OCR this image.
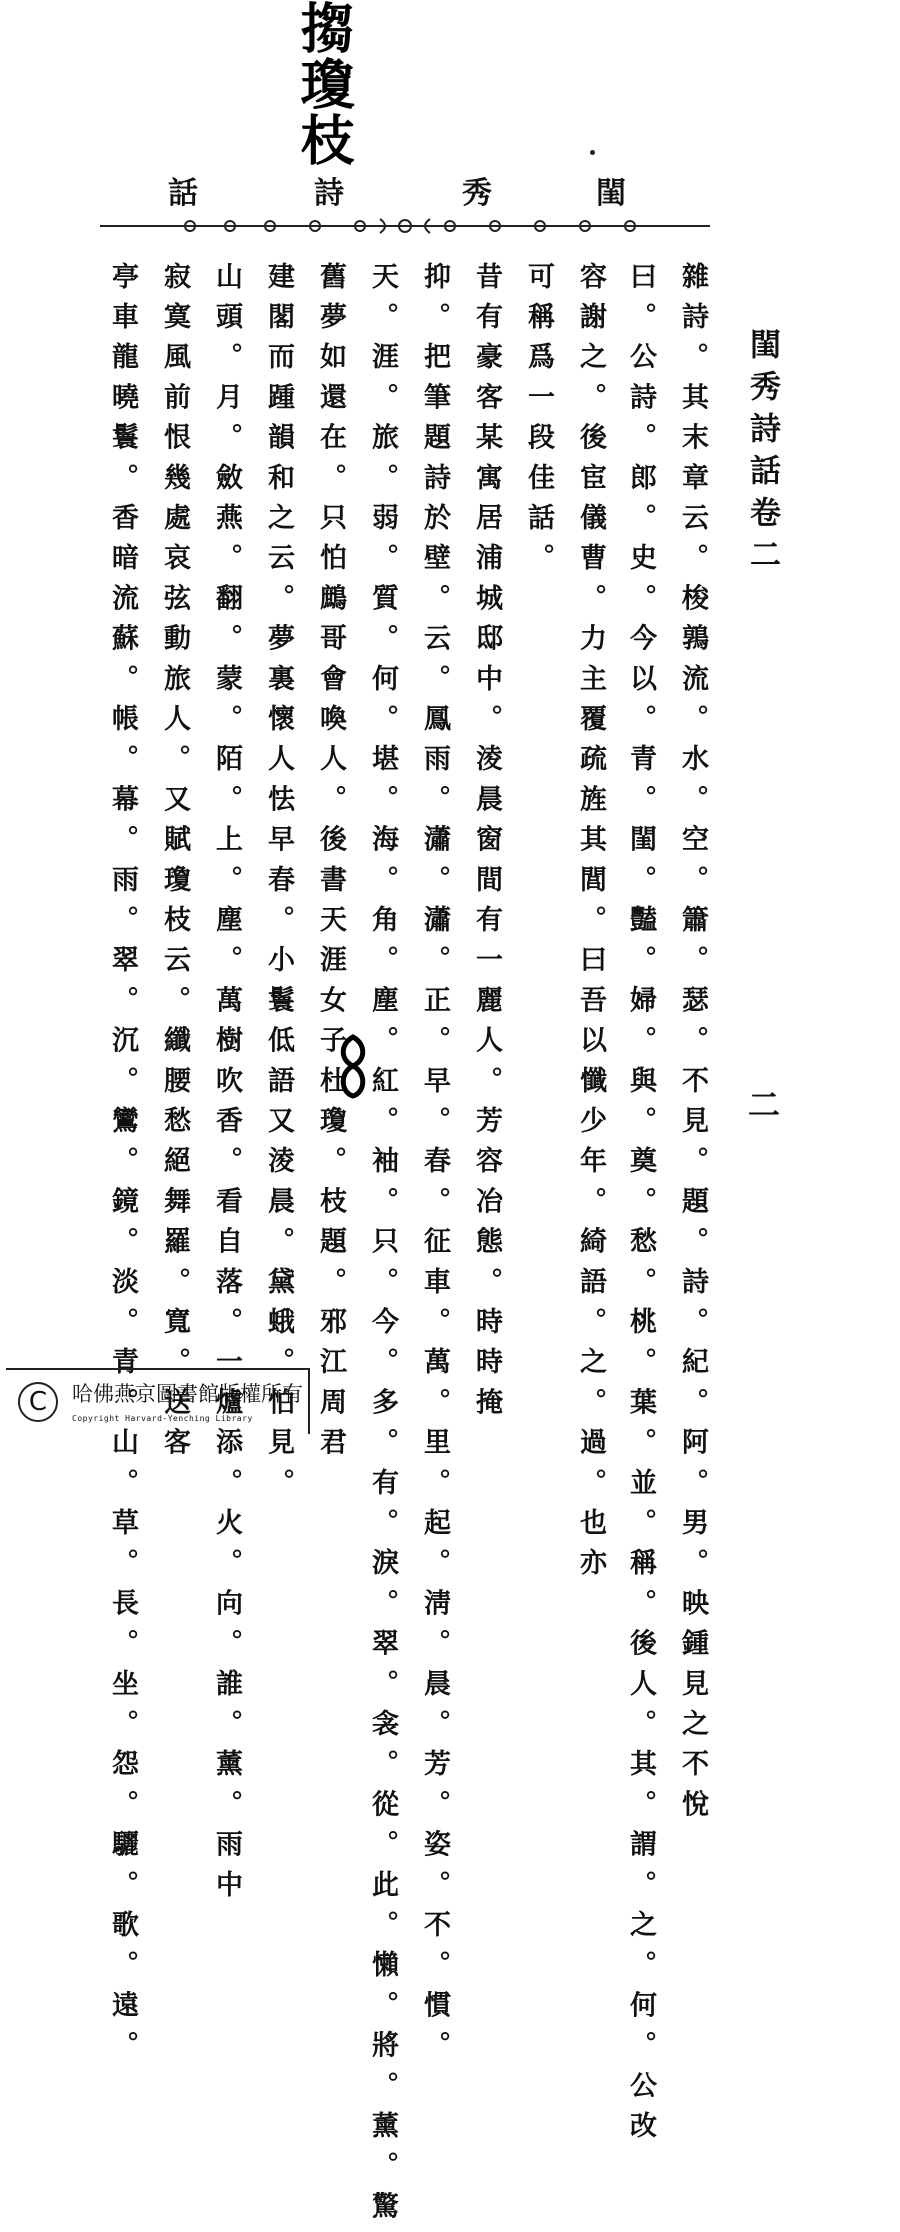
搊瓊枝
閨
秀
詩
話
雜詩。其末章云。梭鶉流。水。空。簫。瑟。不見。題。詩。紀。阿。男。映鍾見之不悅
曰。公詩。郎。史。今以。青。閨。豔。婦。與。奠。愁。桃。葉。並。稱。後人。其。謂。之。何。公改
容謝之。後宦儀曹。力主覆疏旌其閭。曰吾以懺少年。綺語。之。過。也亦
可稱爲一段佳話。
昔有豪客某寓居浦城邸中。淩晨窗間有一麗人。芳容冶態。時時掩
抑。把筆題詩於壁。云。鳳雨。瀟。瀟。正。早。春。征車。萬。里。起。淸。晨。芳。姿。不。慣。
天。涯。旅。弱。質。何。堪。海。角。塵。紅。袖。只。今。多。有。淚。翠。衾。從。此。懶。將。薰。驚
舊夢如還在。只怕鷓哥會喚人。後書天涯女子杜瓊。枝題。邪江周君
建閣而踵韻和之云。夢裏懷人怯早春。小鬟低語又淩晨。黛蛾。怕見。
山頭。月。斂燕。翻。蒙。陌。上。塵。萬樹吹香。看自落。一爐添。火。向。誰。薰。雨中
寂寞風前恨幾處哀弦動旅人。又賦瓊枝云。纖腰愁絕舞羅。寬。送客
亭車龍曉鬟。香暗流蘇。帳。幕。雨。翠。沉。鸞。鏡。淡。青。山。草。長。坐。怨。驪。歌。遠。	閨秀詩話卷二
二
C	哈佛燕京圖書館版權所有
Copyright Harvard-Yenching Library
